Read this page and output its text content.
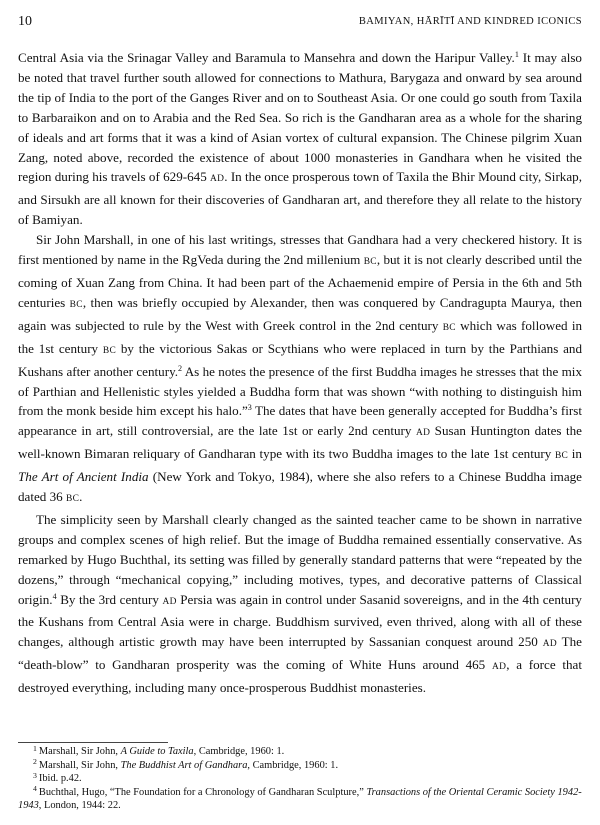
10	BAMIYAN, HĀRĪTĪ AND KINDRED ICONICS

Central Asia via the Srinagar Valley and Baramula to Mansehra and down the Haripur Valley.$^1$ It may also be noted that travel further south allowed for connections to Mathura, Barygaza and onward by sea around the tip of India to the port of the Ganges River and on to Southeast Asia. Or one could go south from Taxila to Barbaraikon and on to Arabia and the Red Sea. So rich is the Gandharan area as a whole for the sharing of ideals and art forms that it was a kind of Asian vortex of cultural expansion. The Chinese pilgrim Xuan Zang, noted above, recorded the existence of about 1000 monasteries in Gandhara when he visited the region during his travels of 629-645 AD. In the once prosperous town of Taxila the Bhir Mound city, Sirkap, and Sirsukh are all known for their discoveries of Gandharan art, and therefore they all relate to the history of Bamiyan.

Sir John Marshall, in one of his last writings, stresses that Gandhara had a very checkered history. It is first mentioned by name in the RgVeda during the 2nd millenium BC, but it is not clearly described until the coming of Xuan Zang from China. It had been part of the Achaemenid empire of Persia in the 6th and 5th centuries BC, then was briefly occupied by Alexander, then was conquered by Candragupta Maurya, then again was subjected to rule by the West with Greek control in the 2nd century BC which was followed in the 1st century BC by the victorious Sakas or Scythians who were replaced in turn by the Parthians and Kushans after another century.$^2$ As he notes the presence of the first Buddha images he stresses that the mix of Parthian and Hellenistic styles yielded a Buddha form that was shown “with nothing to distinguish him from the monk beside him except his halo.”$^3$ The dates that have been generally accepted for Buddha’s first appearance in art, still controversial, are the late 1st or early 2nd century AD Susan Huntington dates the well-known Bimaran reliquary of Gandharan type with its two Buddha images to the late 1st century BC in The Art of Ancient India (New York and Tokyo, 1984), where she also refers to a Chinese Buddha image dated 36 BC.

The simplicity seen by Marshall clearly changed as the sainted teacher came to be shown in narrative groups and complex scenes of high relief. But the image of Buddha remained essentially conservative. As remarked by Hugo Buchthal, its setting was filled by generally standard patterns that were “repeated by the dozens,” through “mechanical copying,” including motives, types, and decorative patterns of Classical origin.$^4$ By the 3rd century AD Persia was again in control under Sasanid sovereigns, and in the 4th century the Kushans from Central Asia were in charge. Buddhism survived, even thrived, along with all of these changes, although artistic growth may have been interrupted by Sassanian conquest around 250 AD The “death-blow” to Gandharan prosperity was the coming of White Huns around 465 AD, a force that destroyed everything, including many once-prosperous Buddhist monasteries.

$^1$ Marshall, Sir John, A Guide to Taxila, Cambridge, 1960: 1.
$^2$ Marshall, Sir John, The Buddhist Art of Gandhara, Cambridge, 1960: 1.
$^3$ Ibid. p.42.
$^4$ Buchthal, Hugo, “The Foundation for a Chronology of Gandharan Sculpture,” Transactions of the Oriental Ceramic Society 1942-1943, London, 1944: 22.
